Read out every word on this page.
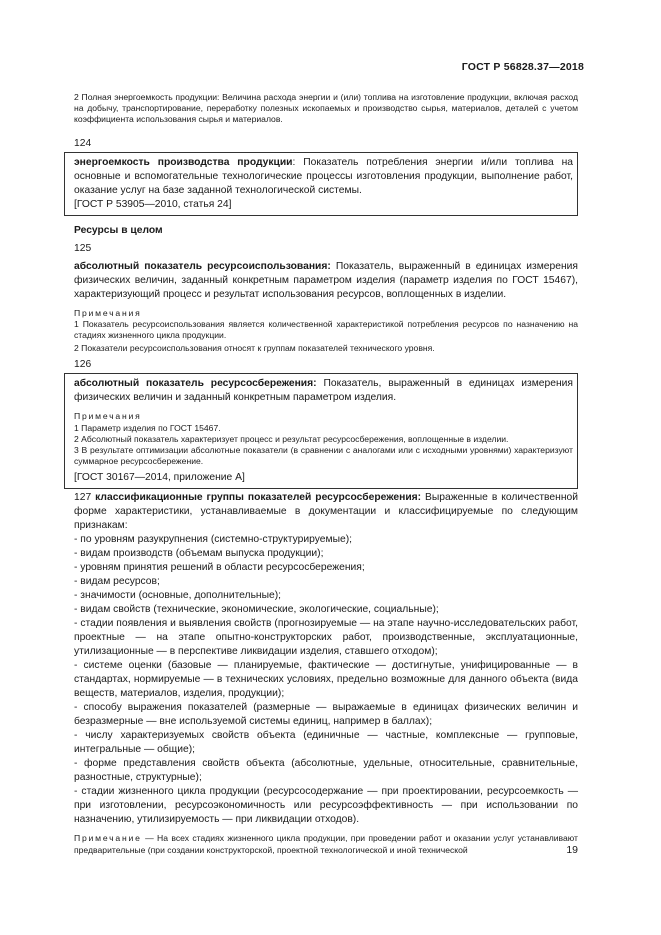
ГОСТ Р 56828.37—2018

2 Полная энергоемкость продукции: Величина расхода энергии и (или) топлива на изготовление продукции, включая расход на добычу, транспортирование, переработку полезных ископаемых и производство сырья, материалов, деталей с учетом коэффициента использования сырья и материалов.

124

энергоемкость производства продукции: Показатель потребления энергии и/или топлива на основные и вспомогательные технологические процессы изготовления продукции, выполнение работ, оказание услуг на базе заданной технологической системы.

[ГОСТ Р 53905—2010, статья 24]

Ресурсы в целом

125

абсолютный показатель ресурсоиспользования: Показатель, выраженный в единицах измерения физических величин, заданный конкретным параметром изделия (параметр изделия по ГОСТ 15467), характеризующий процесс и результат использования ресурсов, воплощенных в изделии.

Примечания

1 Показатель ресурсоиспользования является количественной характеристикой потребления ресурсов по назначению на стадиях жизненного цикла продукции.

2 Показатели ресурсоиспользования относят к группам показателей технического уровня.

126

абсолютный показатель ресурсосбережения: Показатель, выраженный в единицах измерения физических величин и заданный конкретным параметром изделия.

Примечания

1 Параметр изделия по ГОСТ 15467.

2 Абсолютный показатель характеризует процесс и результат ресурсосбережения, воплощенные в изделии.

3 В результате оптимизации абсолютные показатели (в сравнении с аналогами или с исходными уровнями) характеризуют суммарное ресурсосбережение.

[ГОСТ 30167—2014, приложение А]

127 классификационные группы показателей ресурсосбережения: Выраженные в количественной форме характеристики, устанавливаемые в документации и классифицируемые по следующим признакам:

- по уровням разукрупнения (системно-структурируемые);

- видам производств (объемам выпуска продукции);

- уровням принятия решений в области ресурсосбережения;

- видам ресурсов;

- значимости (основные, дополнительные);

- видам свойств (технические, экономические, экологические, социальные);

- стадии появления и выявления свойств (прогнозируемые — на этапе научно-исследовательских работ, проектные — на этапе опытно-конструкторских работ, производственные, эксплуатационные, утилизационные — в перспективе ликвидации изделия, ставшего отходом);

- системе оценки (базовые — планируемые, фактические — достигнутые, унифицированные — в стандартах, нормируемые — в технических условиях, предельно возможные для данного объекта (вида веществ, материалов, изделия, продукции);

- способу выражения показателей (размерные — выражаемые в единицах физических величин и безразмерные — вне используемой системы единиц, например в баллах);

- числу характеризуемых свойств объекта (единичные — частные, комплексные — групповые, интегральные — общие);

- форме представления свойств объекта (абсолютные, удельные, относительные, сравнительные, разностные, структурные);

- стадии жизненного цикла продукции (ресурсосодержание — при проектировании, ресурсоемкость — при изготовлении, ресурсоэкономичность или ресурсоэффективность — при использовании по назначению, утилизируемость — при ликвидации отходов).

Примечание — На всех стадиях жизненного цикла продукции, при проведении работ и оказании услуг устанавливают предварительные (при создании конструкторской, проектной технологической и иной технической	19
